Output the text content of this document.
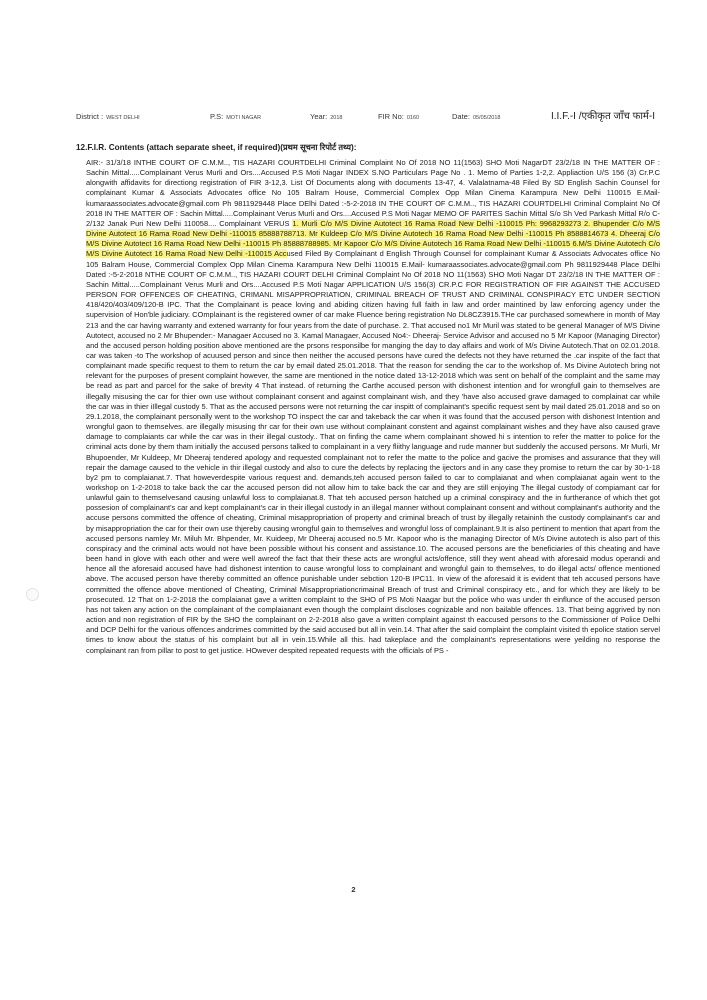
District : WEST DELHI	P.S: MOTI NAGAR	Year: 2018	FIR No: 0160	Date: 05/05/2018	I.I.F.-I /एकीकृत जाँच फार्म-I
12.F.I.R. Contents (attach separate sheet, if required)(प्रथम सूचना रिपोर्ट तथ्य):

AIR:- 31/3/18 INTHE COURT OF C.M.M.., TIS HAZARI COURTDELHI Criminal Complaint No Of 2018 NO 11(1563) SHO Moti NagarDT 23/2/18 IN THE MATTER OF : Sachin Mittal.....Complainant Verus Murli and Ors....Accused P.S Moti Nagar INDEX S.NO Particulars Page No . 1. Memo of Parties 1-2,2. Appliaction U/S 156 (3) Cr.P.C alongwith affidavits for directiong registration of FIR 3-12,3. List Of Documents along with documents 13-47, 4. Valalatnama-48 Filed By SD English Sachin Counsel for complainant Kumar & Associats Advocates office No 105 Balram House, Commercial Complex Opp Milan Cinema Karampura New Delhi 110015 E.Mail-kumaraassociates.advocate@gmail.com Ph 9811929448 Place DElhi Dated :-5-2-2018 IN THE COURT OF C.M.M.., TIS HAZARI COURTDELHI Criminal Complaint No Of 2018 IN THE MATTER OF : Sachin Mittal.....Complainant Verus Murli and Ors....Accused P.S Moti Nagar MEMO OF PARITES Sachin Mittal S/o Sh Ved Parkash Mittal R/o C-2/132 Janak Puri New Delhi 110058.... Complainant VERUS 1. Murli C/o M/S Divine Autotect 16 Rama Road New Delhi -110015 Ph: 9968293273 2. Bhupender C/o M/S Divine Autotect 16 Rama Road New Delhi -110015 85888788713. Mr Kuldeep C/o M/S Divine Autotech 16 Rama Road New Delhi -110015 Ph 8588814673 4. Dheeraj C/o M/S Divine Autotect 16 Rama Road New Delhi -110015 Ph 85888788985. Mr Kapoor C/o M/S Divine Autotech 16 Rama Road New Delhi -110015 6.M/S Divine Autotech C/o M/S Divine Autotect 16 Rama Road New Delhi -110015 Accused Filed By Complainant d English Through Counsel for complainant Kumar & Associats Advocates office No 105 Balram House, Commercial Complex Opp Milan Cinema Karampura New Delhi 110015 E.Mail- kumaraassociates.advocate@gmail.com Ph 9811929448 Place DElhi Dated :-5-2-2018 NTHE COURT OF C.M.M.., TIS HAZARI COURT DELHI Criminal Complaint No Of 2018 NO 11(1563) SHO Moti Nagar DT 23/2/18 IN THE MATTER OF : Sachin Mittal.....Complainant Verus Murli and Ors....Accused P.S Moti Nagar APPLICATION U/S 156(3) CR.P.C FOR REGISTRATION OF FIR AGAINST THE ACCUSED PERSON FOR OFFENCES OF CHEATING, CRIMANL MISAPPROPRIATION, CRIMINAL BREACH OF TRUST AND CRIMINAL CONSPIRACY ETC UNDER SECTION 418/420/403/409/120-B IPC. That the Complainant is peace loving and abiding citizen having full faith in law and order maintined by law enforcing agency under the supervision of Hon'ble judiciary. COmplainant is the registered owner of car make Fluence bering registration No DL8CZ3915.THe car purchased somewhere in month of May 213 and the car having warranty and extened warranty for four years from the date of purchase. 2. That accused no1 Mr Muril was stated to be general Manager of M/S Divine Autotect, accused no 2 Mr Bhupender:- Managaer Accused no 3. Kamal Managaer, Accused No4:- Dheeraj- Service Advisor and accused no 5 Mr Kapoor (Managing Director) and the accused person holding position above mentioned are the prsons responsilbe for manging the day to day affairs and work of M/s Divine Autotech.That on 02.01.2018. car was taken -to The workshop of acuused person and since then neither the accused persons have cured the defects not they have returned the .car inspite of the fact that complainant made specific request to them to return the car by email dated 25.01.2018. That the reason for sending the car to the workshop of. Ms Divine Autotech bring not relevant for the purposes of present complaint however, the same are mentioned in the notice dated 13-12-2018 which was sent on behalf of the complaint and the same may be read as part and parcel for the sake of brevity 4 That instead. of returning the Carthe accused person with dishonest intention and for wrongfull gain to themselves are illegally misusing the car for thier own use without complainant consent and against complainant wish, and they 'have also accused grave damaged to complainat car while the car was in thier iIllegal custody 5. That as the accused persons were not returning the car inspitt of complainant's specific request sent by mail dated 25.01.2018 and so on 29.1.2018, the complainant personally went to the workshop TO inspect the car and takeback the car when it was found that the accused person with dishonest Intention and wrongful gaon to themselves. are illegally misusing thr car for their own use without complainant constent and against complainant wishes and they have also caused grave damage to complaiants car while the car was in their illegal custody.. That on finfing the came whern complainant showed hi s intention to refer the matter to police for the criminal acts done by them tham initially the accused persons talked to complainant in a very fliithy language and rude manner but suddenly the accused persons. Mr Murli, Mr Bhupoender, Mr Kuldeep, Mr Dheeraj tendered apology and requested complainant not to refer the matte to the police and gacive the promises and assurance that they will repair the damage caused to the vehicle in thir illegal custody and also to cure the defects by replacing the ijectors and in any case they promise to return the car by 30-1-18 by2 pm to complaianat.7. That howeverdespite various request and. demands,teh accused person failed to car to complaianat and when complaianat again went to the workshop on 1-2-2018 to take back the car the accused person did not allow him to take back the car and they are still enjoying The illegal custody of compiamant car for unlawful gain to themselvesand causing unlawful loss to complaianat.8. That teh accused person hatched up a criminal conspiracy and the in furtherance of which thet got possesion of complainant's car and kept complainant's car in their illegal custody in an illegal manner without complainant consent and without complainant's authority and the accuse persons committed the offence of cheating, Criminal misappropriation of property and criminal breach of trust by illegally retaininh the custody complainant's car and by misappropriation the car for their own use thjereby causing wrongful gain to themselves and wrongful loss of complainant.9.It is also pertinent to mention that apart from the accused persons namley Mr. Miluh Mr. Bhpender, Mr. Kuideep, Mr Dheeraj accused no.5 Mr. Kapoor who is the managing Director of M/s Divine autotech is also part of this conspiracy and the criminal acts would not have been possible without his consent and assistance.10. The accused persons are the beneficiaries of this cheating and have been hand in glove with each other and were well awreof the fact that their these acts are wrongful acts/offence, still they went ahead with aforesaid modus operandi and hence all the aforesaid accused have had dishonest intention to cause wrongful loss to complainant and wrongful gain to themselves, to do illegal acts/ offence mentioned above. The accused person have thereby committed an offence punishable under sebction 120-B IPC11. In view of the aforesaid it is evident that teh accused persons have committed the offence above mentioned of Cheating, Criminal Misappropriationcrimainal Breach of trust and Criminal conspiracy etc., and for which they are likely to be prosecuted. 12 That on 1-2-2018 the complaianat gave a written complaint to the SHO of PS Moti Naagar but the police who was under th einflunce of the accused person has not taken any action on the complainant of the complaianant even though the complaint discloses cognizable and non bailable offences. 13. That being aggrived by non action and non registration of FIR by the SHO the complainant on 2-2-2018 also gave a written complaint against th eaccused persons to the Commissioner of Police Delhi and DCP Delhi for the various offences andcrimes committed by the said accused but all in vein.14. That after the said complaint the complaint visited th epolice station servel times to know about the status of his complaint but all in vein.15.While all this. had takeplace and the complainant's representations were yeilding no response the complainant ran from pillar to post to get justice. HOwever despited repeated requests with the officials of PS -

2
